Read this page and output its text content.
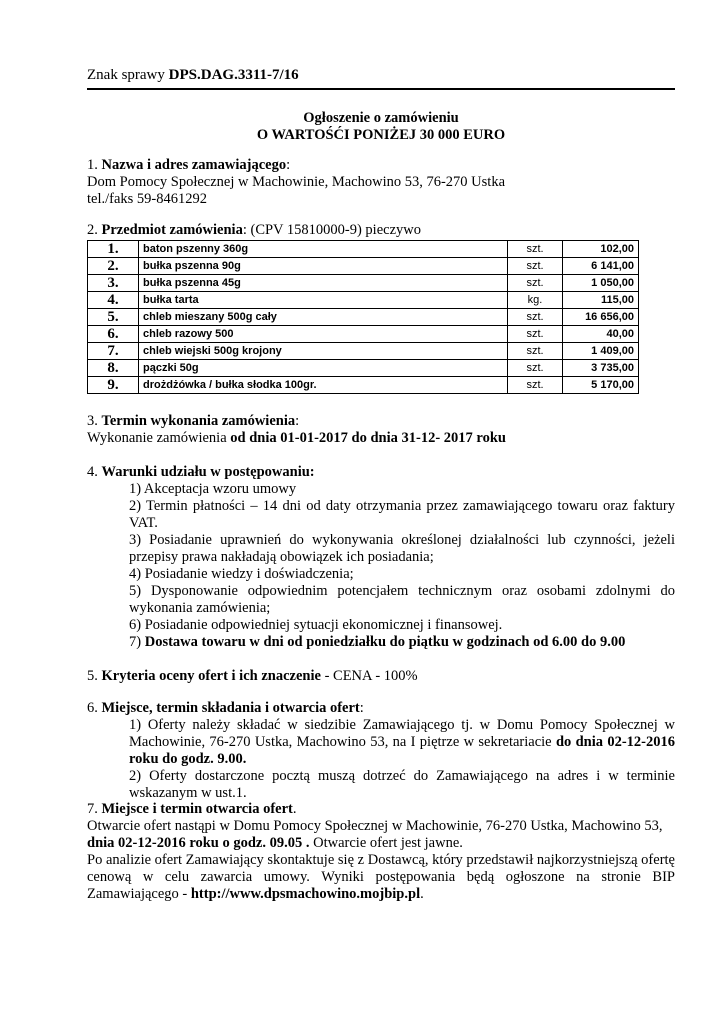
Znak sprawy DPS.DAG.3311-7/16
Ogłoszenie o zamówieniu
O WARTOŚĆI PONIŻEJ 30 000 EURO
1. Nazwa i adres zamawiającego:
Dom Pomocy Społecznej w Machowinie, Machowino 53, 76-270 Ustka
tel./faks 59-8461292
2. Przedmiot zamówienia: (CPV 15810000-9) pieczywo
1.	baton pszenny 360g	szt.	102,00
2.	bułka pszenna 90g	szt.	6 141,00
3.	bułka pszenna 45g	szt.	1 050,00
4.	bułka tarta	kg.	115,00
5.	chleb mieszany 500g cały	szt.	16 656,00
6.	chleb razowy 500	szt.	40,00
7.	chleb wiejski 500g krojony	szt.	1 409,00
8.	pączki 50g	szt.	3 735,00
9.	drożdżówka / bułka słodka 100gr.	szt.	5 170,00
3. Termin wykonania zamówienia:
Wykonanie zamówienia od dnia 01-01-2017 do dnia 31-12- 2017 roku
4. Warunki udziału w postępowaniu:
1) Akceptacja wzoru umowy
2) Termin płatności – 14 dni od daty otrzymania przez zamawiającego towaru oraz faktury VAT.
3) Posiadanie uprawnień do wykonywania określonej działalności lub czynności, jeżeli przepisy prawa nakładają obowiązek ich posiadania;
4) Posiadanie wiedzy i doświadczenia;
5) Dysponowanie odpowiednim potencjałem technicznym oraz osobami zdolnymi do wykonania zamówienia;
6) Posiadanie odpowiedniej sytuacji ekonomicznej i finansowej.
7) Dostawa towaru w dni od poniedziałku do piątku w godzinach od 6.00 do 9.00
5. Kryteria oceny ofert i ich znaczenie - CENA - 100%
6. Miejsce, termin składania i otwarcia ofert:
1) Oferty należy składać w siedzibie Zamawiającego tj. w Domu Pomocy Społecznej w Machowinie, 76-270 Ustka, Machowino 53, na I piętrze w sekretariacie do dnia 02-12-2016 roku do godz. 9.00.
2) Oferty dostarczone pocztą muszą dotrzeć do Zamawiającego na adres i w terminie wskazanym w ust.1.
7. Miejsce i termin otwarcia ofert.
Otwarcie ofert nastąpi w Domu Pomocy Społecznej w Machowinie, 76-270 Ustka, Machowino 53,
dnia 02-12-2016 roku o godz. 09.05 . Otwarcie ofert jest jawne.
Po analizie ofert Zamawiający skontaktuje się z Dostawcą, który przedstawił najkorzystniejszą ofertę cenową w celu zawarcia umowy. Wyniki postępowania będą ogłoszone na stronie BIP Zamawiającego - http://www.dpsmachowino.mojbip.pl.
